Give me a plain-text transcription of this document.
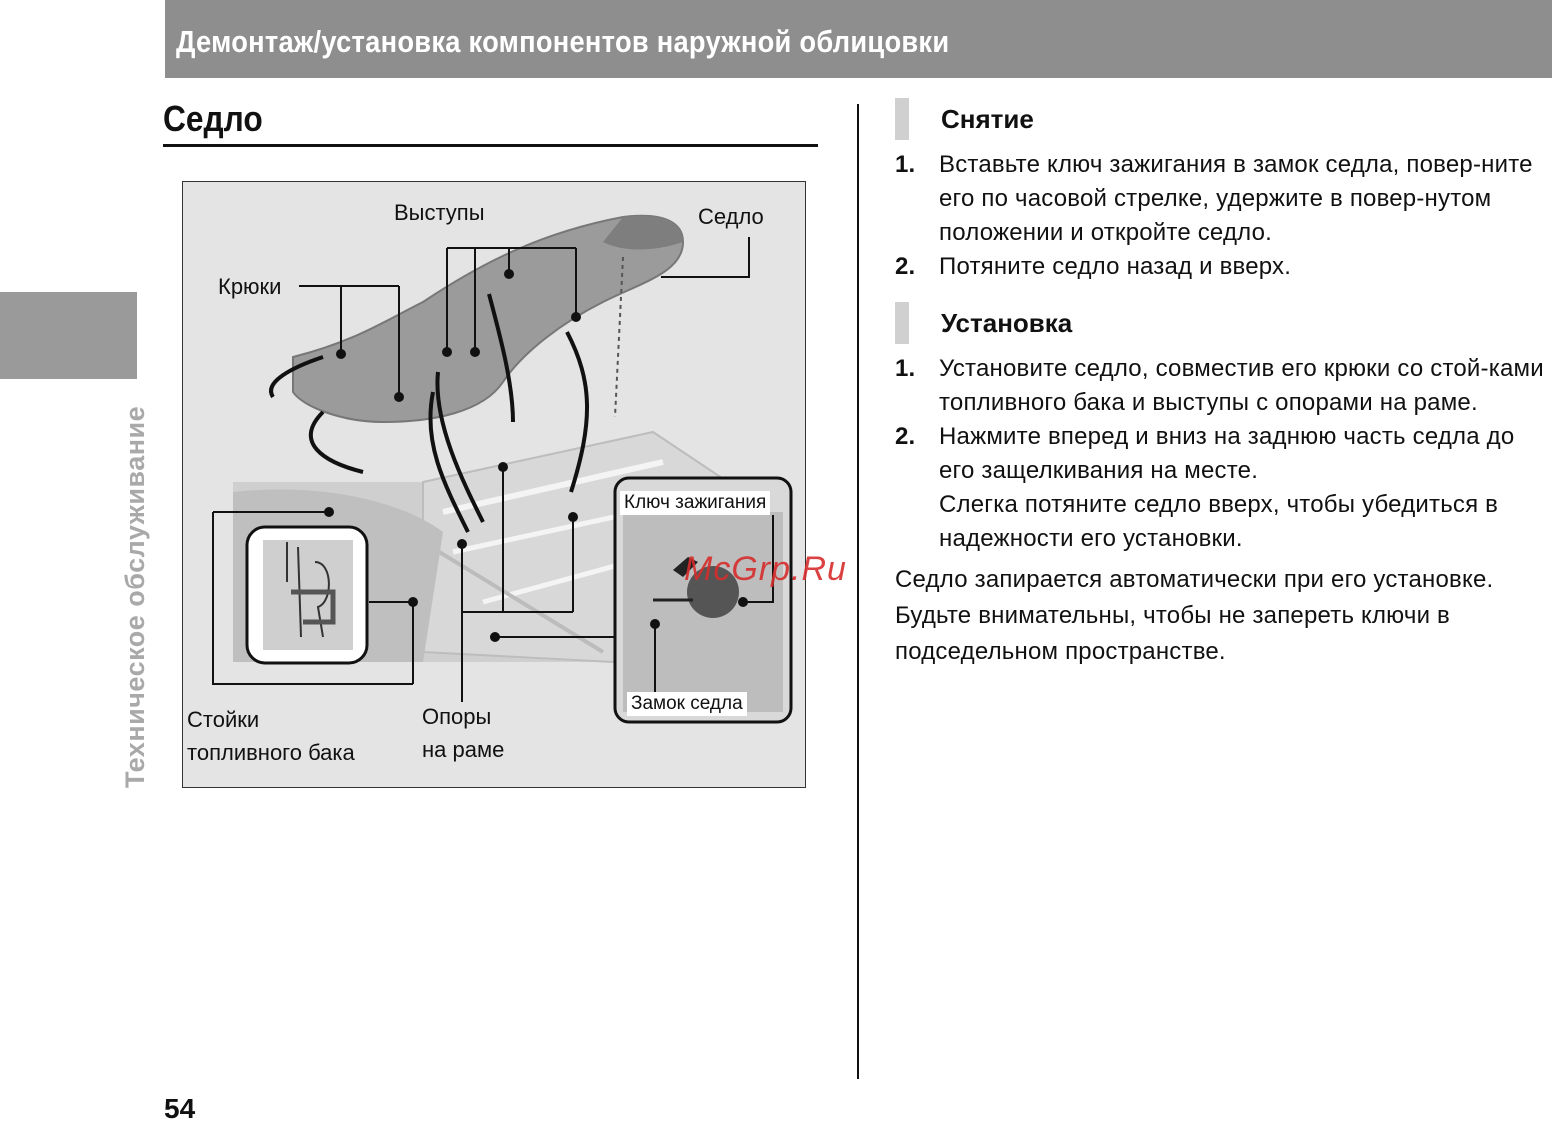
Демонтаж/установка компонентов наружной облицовки
Техническое обслуживание
Седло
Выступы	Седло
Крюки
Стойки
топливного бака
Опоры
на раме
Ключ зажигания
Замок седла
McGrp.Ru
Снятие
1. Вставьте ключ зажигания в замок седла, повер-ните его по часовой стрелке, удержите в повер-нутом положении и откройте седло.
2. Потяните седло назад и вверх.
Установка
1. Установите седло, совместив его крюки со стой-ками топливного бака и выступы с опорами на раме.
2. Нажмите вперед и вниз на заднюю часть седла до его защелкивания на месте.
Слегка потяните седло вверх, чтобы убедиться в надежности его установки.

Седло запирается автоматически при его установке. Будьте внимательны, чтобы не запереть ключи в подседельном пространстве.

54
